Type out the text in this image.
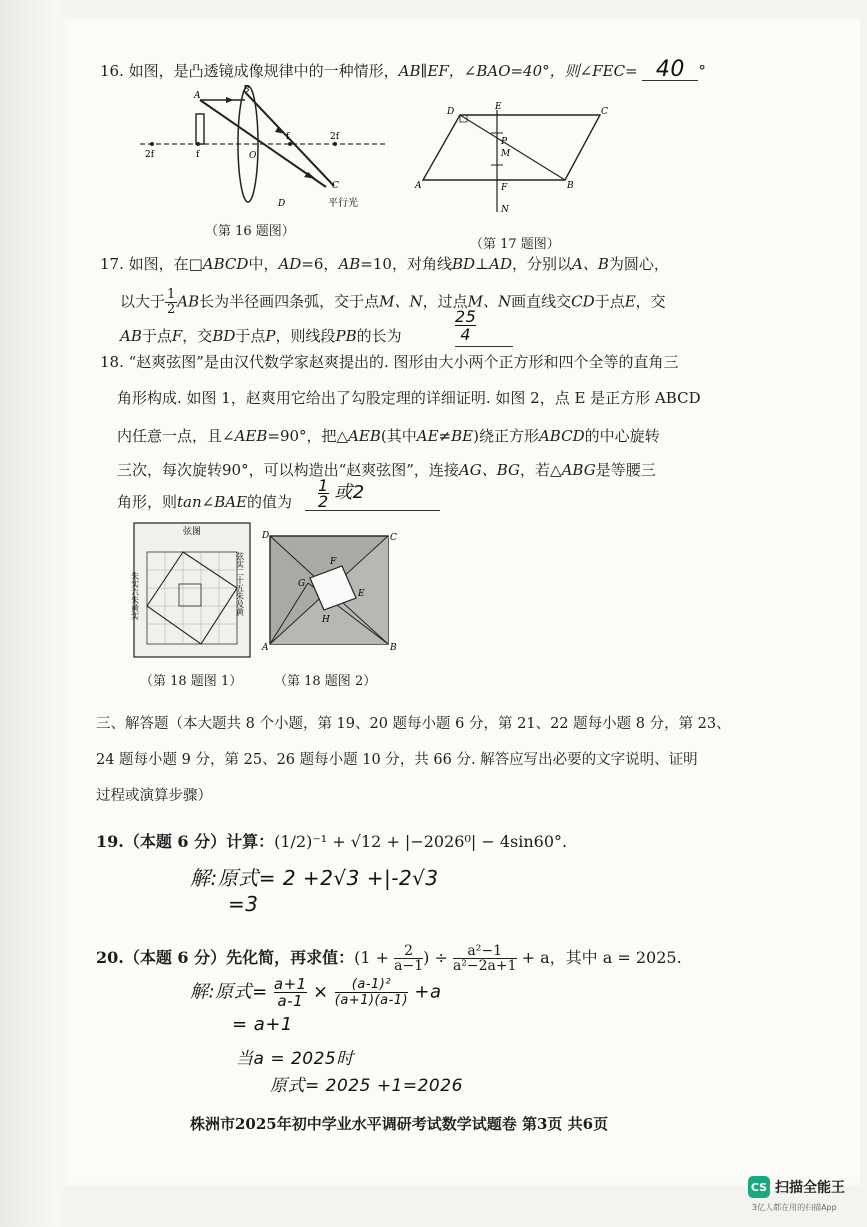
16. 如图，是凸透镜成像规律中的一种情形，AB∥EF，∠BAO=40°，则∠FEC= 40 °
A
B
O
2f	f
f	2f
C
D	平行光
（第 16 题图）
D	E	C
A	F	B
M
N
P
（第 17 题图）
17. 如图，在□ABCD中，AD=6，AB=10，对角线BD⊥AD，分别以A、B为圆心，
以大于 $\frac{1}{2}$ AB长为半径画四条弧，交于点M、N，过点M、N画直线交CD于点E，交
AB于点F，交BD于点P，则线段PB的长为
25
4
18. “赵爽弦图”是由汉代数学家赵爽提出的. 图形由大小两个正方形和四个全等的直角三
角形构成. 如图 1，赵爽用它给出了勾股定理的详细证明. 如图 2，点 E 是正方形 ABCD
内任意一点，且∠AEB=90°，把△AEB(其中AE≠BE)绕正方形ABCD的中心旋转
三次，每次旋转90°，可以构造出“赵爽弦图”，连接AG、BG，若△ABG是等腰三
角形，则tan∠BAE的值为 $\frac{1}{2}$ 或2
弦图
朱实六朱黄实	弦实二十五朱及黄
（第 18 题图 1）
D	C
A	B
F
G
E
H
（第 18 题图 2）
三、解答题（本大题共 8 个小题，第 19、20 题每小题 6 分，第 21、22 题每小题 8 分，第 23、
24 题每小题 9 分，第 25、26 题每小题 10 分，共 66 分. 解答应写出必要的文字说明、证明
过程或演算步骤）
19.（本题 6 分）计算：(1/2)⁻¹ + √12 + |−2026⁰| − 4sin60°.
解:原式= 2 +2√3 +|-2√3
=3
20.（本题 6 分）先化简，再求值：($1 + \frac{2}{a-1}$ ) ÷ $\frac{\text{a²−1}}{\text{a²−2a+1}} + a$，其中 a = 2025.
解:原式= $\frac{a+1}{a-1} \times \frac{\text{(a-1)²}}{(a+1)(a-1)} +a$
= a+1
当a = 2025时
原式= 2025 +1=2026
株洲市2025年初中学业水平调研考试数学试题卷 第3页 共6页
CS 扫描全能王
3亿人都在用的扫描App
